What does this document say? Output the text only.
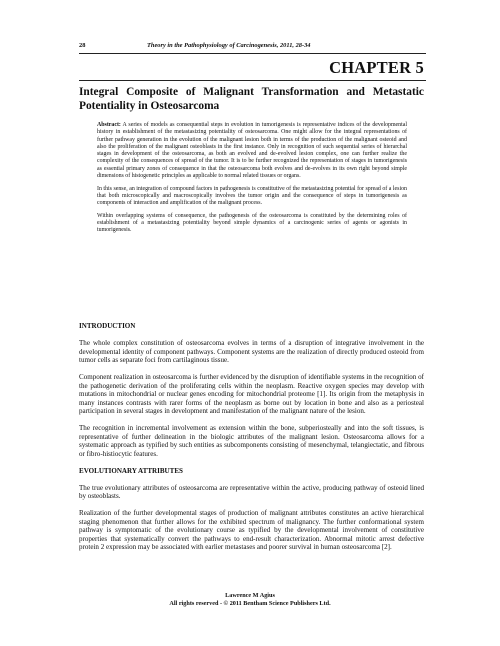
28	Theory in the Pathophysiology of Carcinogenesis, 2011, 28-34
CHAPTER 5
Integral Composite of Malignant Transformation and Metastatic Potentiality in Osteosarcoma

Abstract: A series of models as consequential steps in evolution in tumorigenesis is representative indices of the developmental history in establishment of the metastasizing potentiality of osteosarcoma. One might allow for the integral representations of further pathway generation in the evolution of the malignant lesion both in terms of the production of the malignant osteoid and also the proliferation of the malignant osteoblasts in the first instance. Only in recognition of such sequential series of hierarchal stages in development of the osteosarcoma, as both an evolved and de-evolved lesion complex, one can further realize the complexity of the consequences of spread of the tumor. It is to be further recognized the representation of stages in tumorigenesis as essential primary zones of consequence in that the osteosarcoma both evolves and de-evolves in its own right beyond simple dimensions of histogenetic principles as applicable to normal related tissues or organs.

In this sense, an integration of compound factors in pathogenesis is constitutive of the metastasizing potential for spread of a lesion that both microscopically and macroscopically involves the tumor origin and the consequence of steps in tumorigenesis as components of interaction and amplification of the malignant process.

Within overlapping systems of consequence, the pathogenesis of the osteosarcoma is constituted by the determining roles of establishment of a metastasizing potentiality beyond simple dynamics of a carcinogenic series of agents or agonists in tumorigenesis.

INTRODUCTION

The whole complex constitution of osteosarcoma evolves in terms of a disruption of integrative involvement in the developmental identity of component pathways. Component systems are the realization of directly produced osteoid from tumor cells as separate foci from cartilaginous tissue.

Component realization in osteosarcoma is further evidenced by the disruption of identifiable systems in the recognition of the pathogenetic derivation of the proliferating cells within the neoplasm. Reactive oxygen species may develop with mutations in mitochondrial or nuclear genes encoding for mitochondrial proteome [1]. Its origin from the metaphysis in many instances contrasts with rarer forms of the neoplasm as borne out by location in bone and also as a periosteal participation in several stages in development and manifestation of the malignant nature of the lesion.

The recognition in incremental involvement as extension within the bone, subperiosteally and into the soft tissues, is representative of further delineation in the biologic attributes of the malignant lesion. Osteosarcoma allows for a systematic approach as typified by such entities as subcomponents consisting of mesenchymal, telangiectatic, and fibrous or fibro-histiocytic features.

EVOLUTIONARY ATTRIBUTES

The true evolutionary attributes of osteosarcoma are representative within the active, producing pathway of osteoid lined by osteoblasts.

Realization of the further developmental stages of production of malignant attributes constitutes an active hierarchical staging phenomenon that further allows for the exhibited spectrum of malignancy. The further conformational system pathway is symptomatic of the evolutionary course as typified by the developmental involvement of constitutive properties that systematically convert the pathways to end-result characterization. Abnormal mitotic arrest defective protein 2 expression may be associated with earlier metastases and poorer survival in human osteosarcoma [2].

Lawrence M Agius
All rights reserved - © 2011 Bentham Science Publishers Ltd.
